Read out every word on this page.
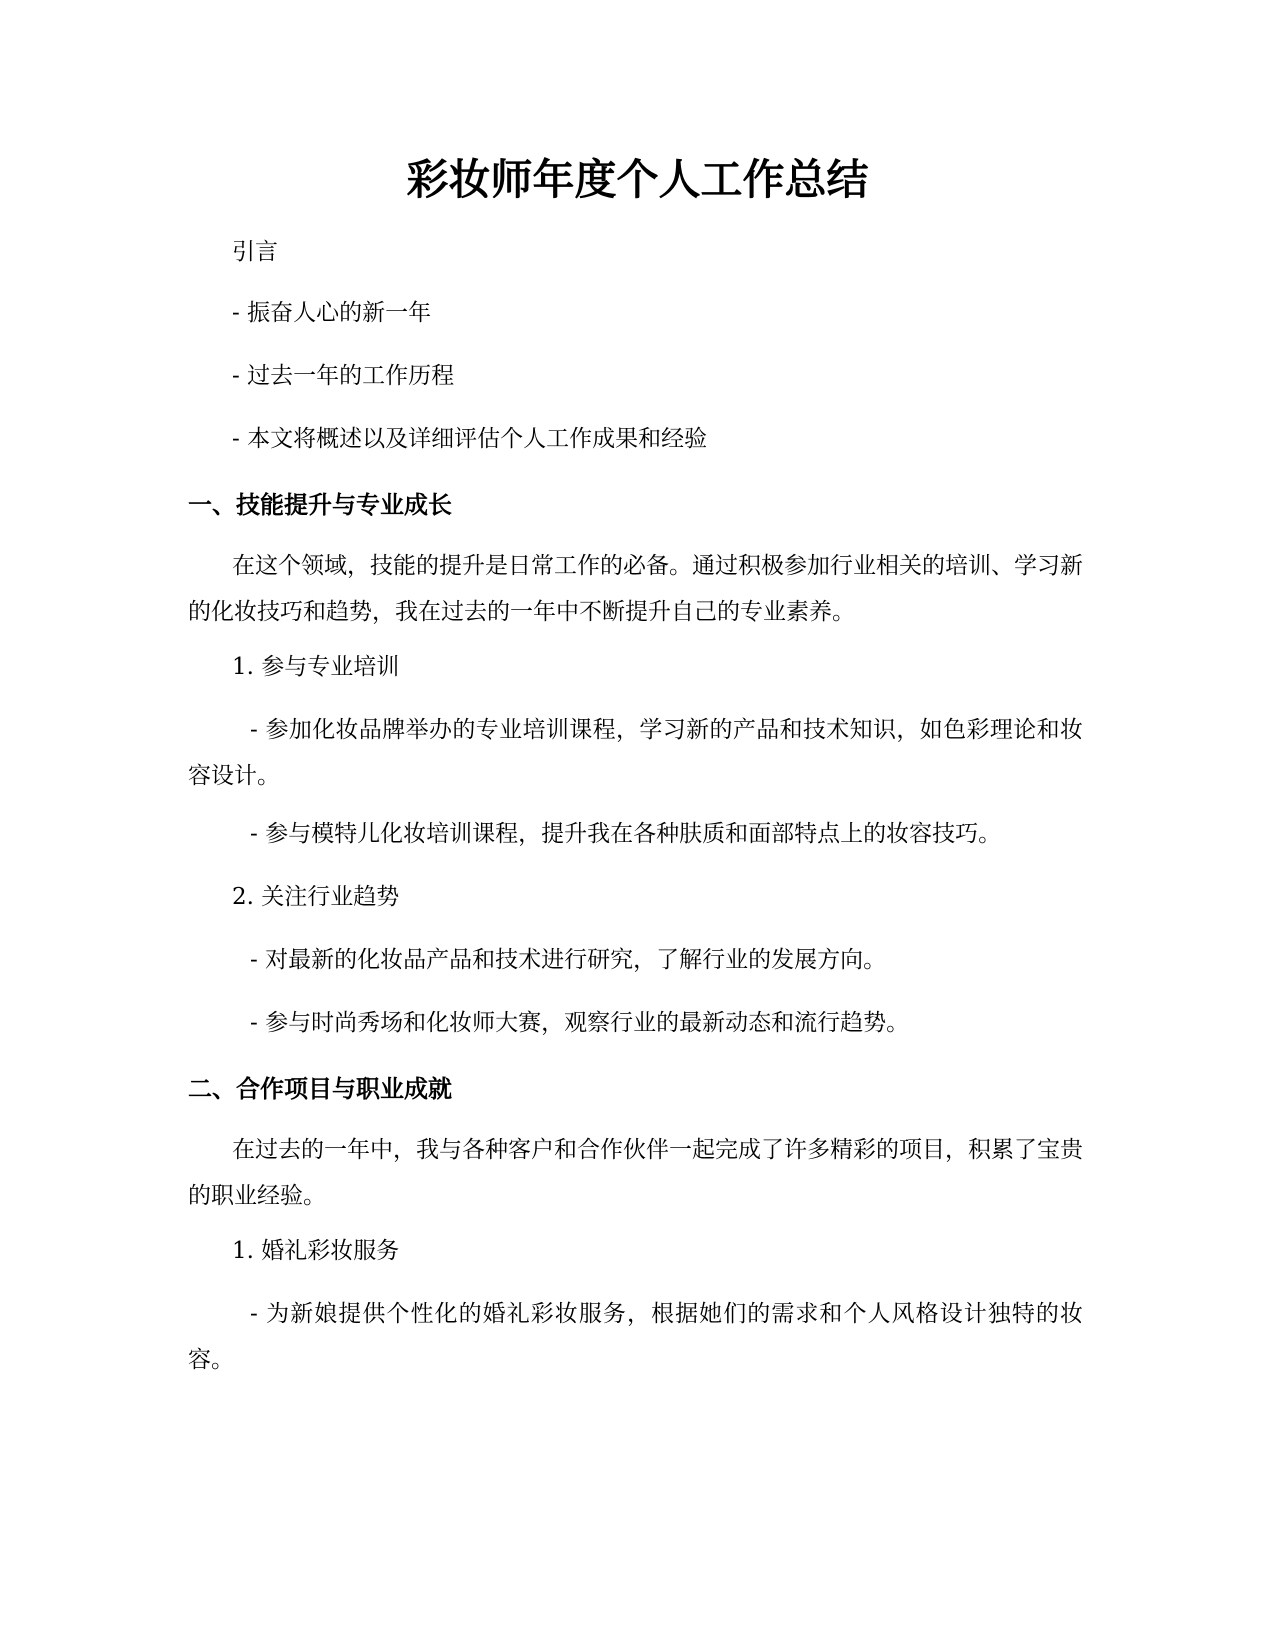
彩妆师年度个人工作总结

引言

- 振奋人心的新一年

- 过去一年的工作历程

- 本文将概述以及详细评估个人工作成果和经验

一、技能提升与专业成长

在这个领域，技能的提升是日常工作的必备。通过积极参加行业相关的培训、学习新的化妆技巧和趋势，我在过去的一年中不断提升自己的专业素养。

1. 参与专业培训

- 参加化妆品牌举办的专业培训课程，学习新的产品和技术知识，如色彩理论和妆容设计。

- 参与模特儿化妆培训课程，提升我在各种肤质和面部特点上的妆容技巧。

2. 关注行业趋势

- 对最新的化妆品产品和技术进行研究，了解行业的发展方向。

- 参与时尚秀场和化妆师大赛，观察行业的最新动态和流行趋势。

二、合作项目与职业成就

在过去的一年中，我与各种客户和合作伙伴一起完成了许多精彩的项目，积累了宝贵的职业经验。

1. 婚礼彩妆服务

- 为新娘提供个性化的婚礼彩妆服务，根据她们的需求和个人风格设计独特的妆容。
